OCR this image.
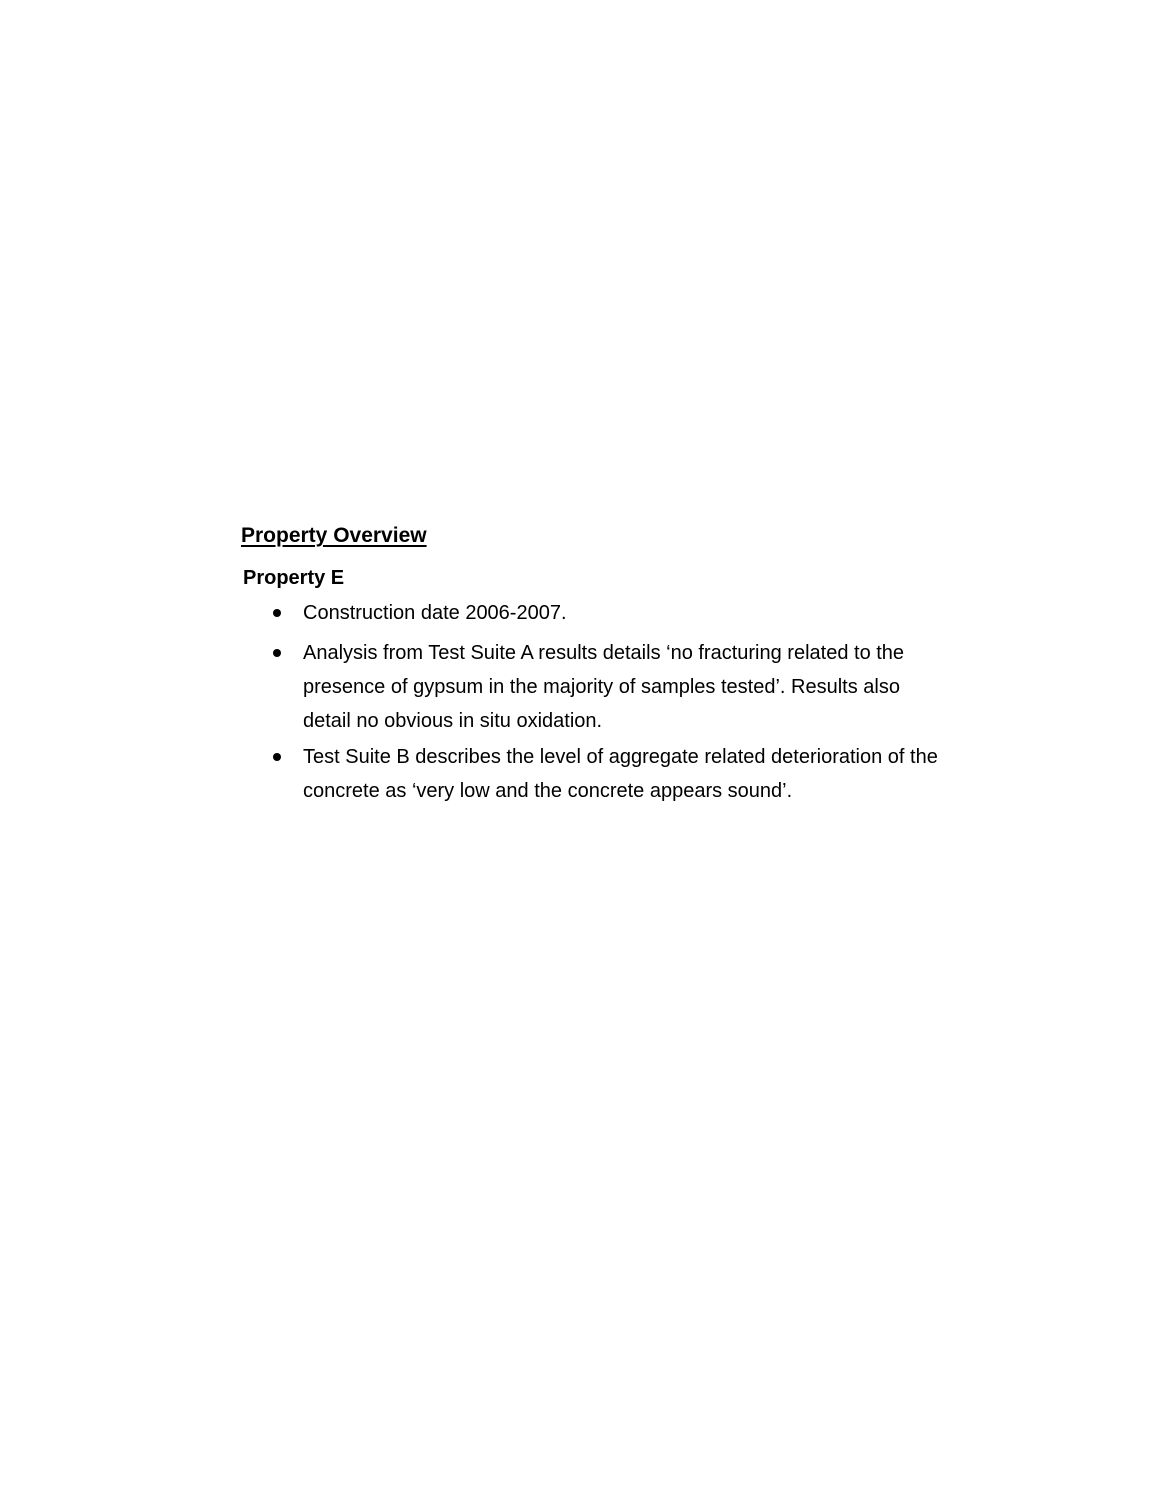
Property Overview
Property E

Construction date 2006-2007.

Analysis from Test Suite A results details ‘no fracturing related to the presence of gypsum in the majority of samples tested’. Results also detail no obvious in situ oxidation.

Test Suite B describes the level of aggregate related deterioration of the concrete as ‘very low and the concrete appears sound’.
